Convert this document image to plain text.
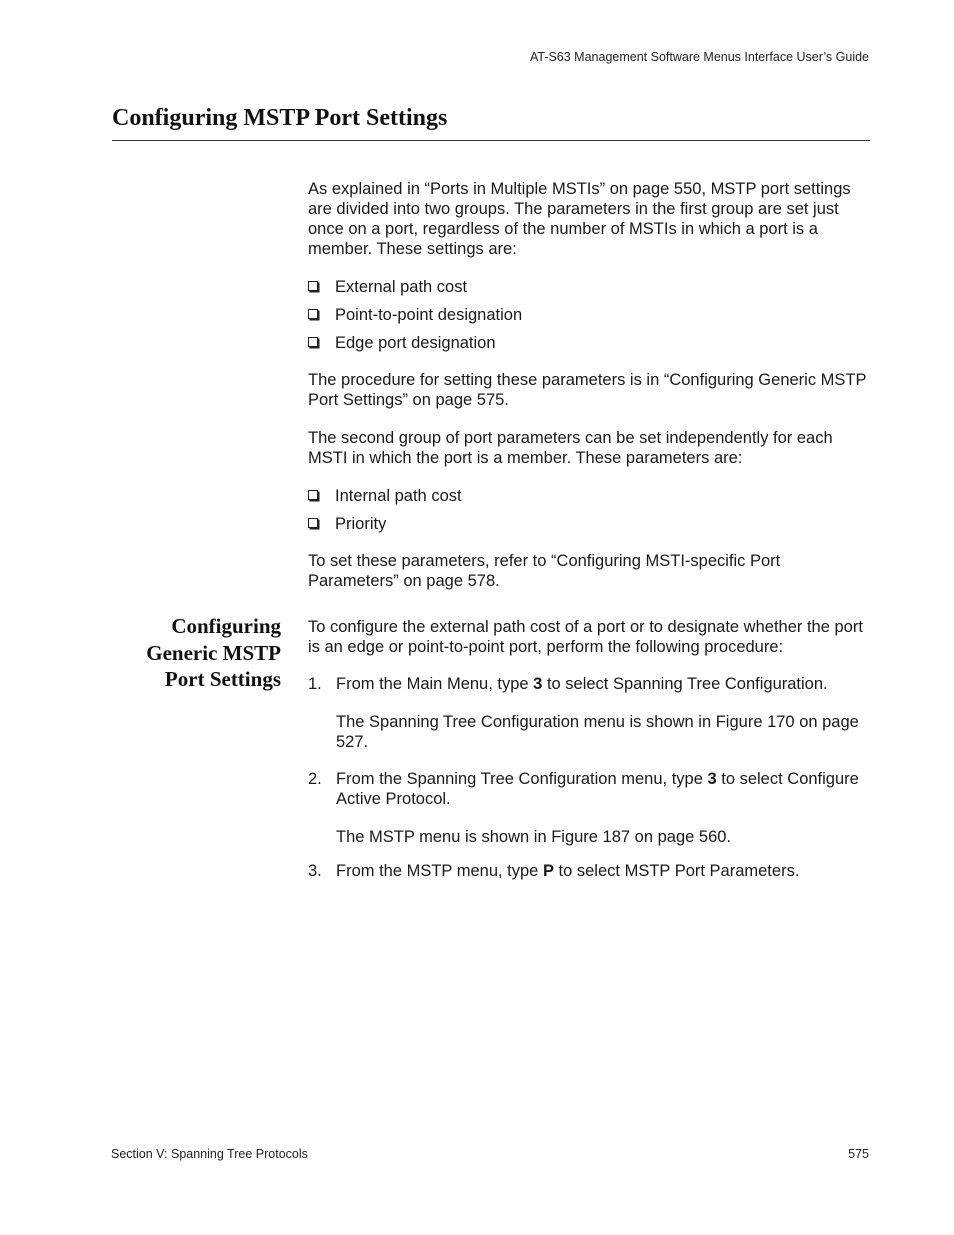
AT-S63 Management Software Menus Interface User’s Guide
Configuring MSTP Port Settings

As explained in “Ports in Multiple MSTIs” on page 550, MSTP port settings are divided into two groups. The parameters in the first group are set just once on a port, regardless of the number of MSTIs in which a port is a member. These settings are:

External path cost
Point-to-point designation
Edge port designation

The procedure for setting these parameters is in “Configuring Generic MSTP Port Settings” on page 575.

The second group of port parameters can be set independently for each MSTI in which the port is a member. These parameters are:

Internal path cost
Priority

To set these parameters, refer to “Configuring MSTI-specific Port Parameters” on page 578.

Configuring
Generic MSTP
Port Settings

To configure the external path cost of a port or to designate whether the port is an edge or point-to-point port, perform the following procedure:

1. From the Main Menu, type 3 to select Spanning Tree Configuration.
The Spanning Tree Configuration menu is shown in Figure 170 on page 527.
2. From the Spanning Tree Configuration menu, type 3 to select Configure Active Protocol.
The MSTP menu is shown in Figure 187 on page 560.
3. From the MSTP menu, type P to select MSTP Port Parameters.
Section V: Spanning Tree Protocols	575
